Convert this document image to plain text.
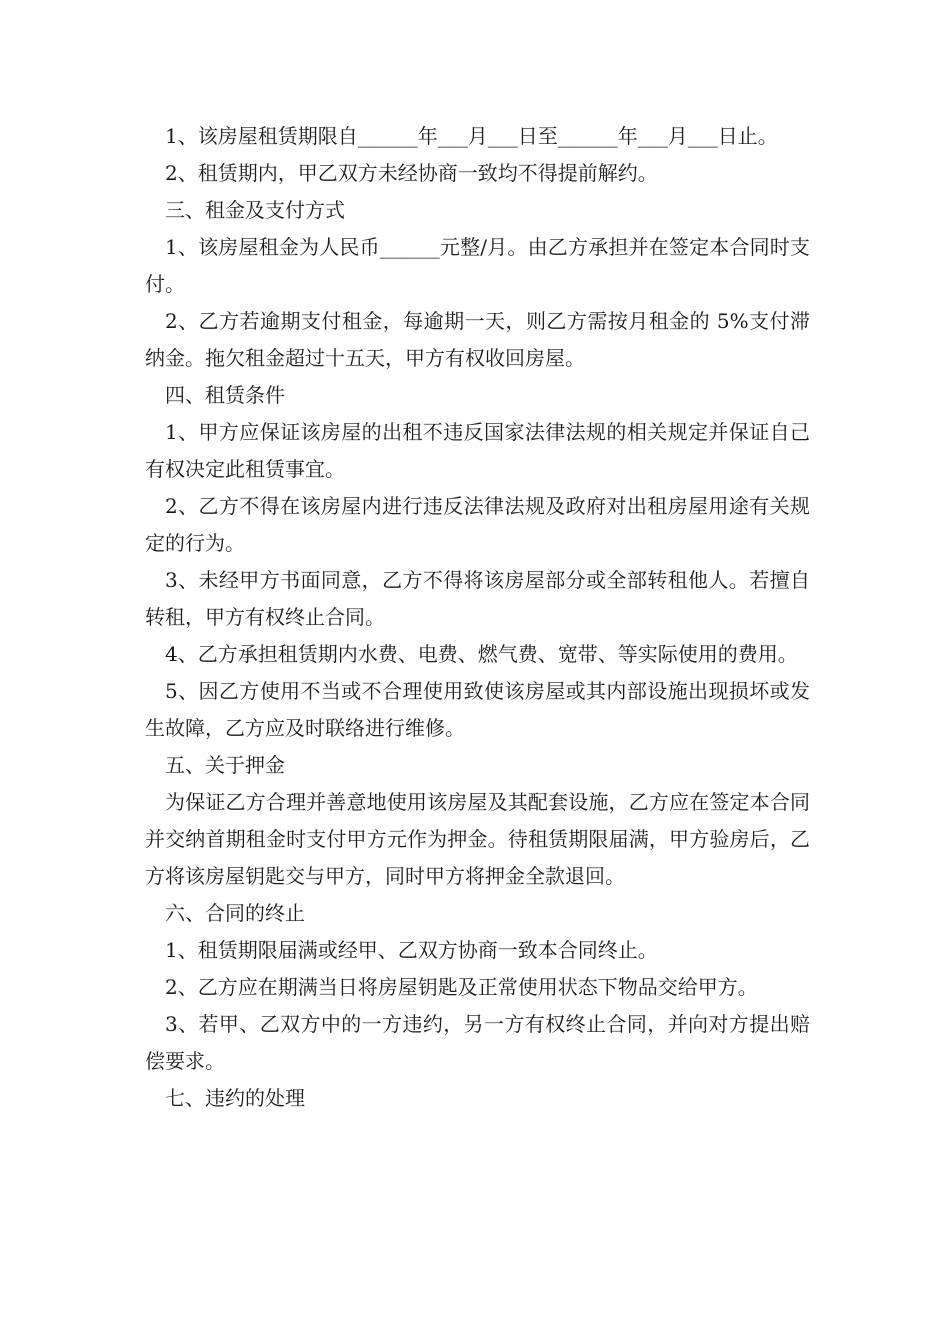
1、该房屋租赁期限自______年___月___日至______年___月___日止。

2、租赁期内，甲乙双方未经协商一致均不得提前解约。

三、租金及支付方式

1、该房屋租金为人民币______元整/月。由乙方承担并在签定本合同时支付。

2、乙方若逾期支付租金，每逾期一天，则乙方需按月租金的 5%支付滞纳金。拖欠租金超过十五天，甲方有权收回房屋。

四、租赁条件

1、甲方应保证该房屋的出租不违反国家法律法规的相关规定并保证自己有权决定此租赁事宜。

2、乙方不得在该房屋内进行违反法律法规及政府对出租房屋用途有关规定的行为。

3、未经甲方书面同意，乙方不得将该房屋部分或全部转租他人。若擅自转租，甲方有权终止合同。

4、乙方承担租赁期内水费、电费、燃气费、宽带、等实际使用的费用。

5、因乙方使用不当或不合理使用致使该房屋或其内部设施出现损坏或发生故障，乙方应及时联络进行维修。

五、关于押金

为保证乙方合理并善意地使用该房屋及其配套设施，乙方应在签定本合同并交纳首期租金时支付甲方元作为押金。待租赁期限届满，甲方验房后，乙方将该房屋钥匙交与甲方，同时甲方将押金全款退回。

六、合同的终止

1、租赁期限届满或经甲、乙双方协商一致本合同终止。

2、乙方应在期满当日将房屋钥匙及正常使用状态下物品交给甲方。

3、若甲、乙双方中的一方违约，另一方有权终止合同，并向对方提出赔偿要求。

七、违约的处理
